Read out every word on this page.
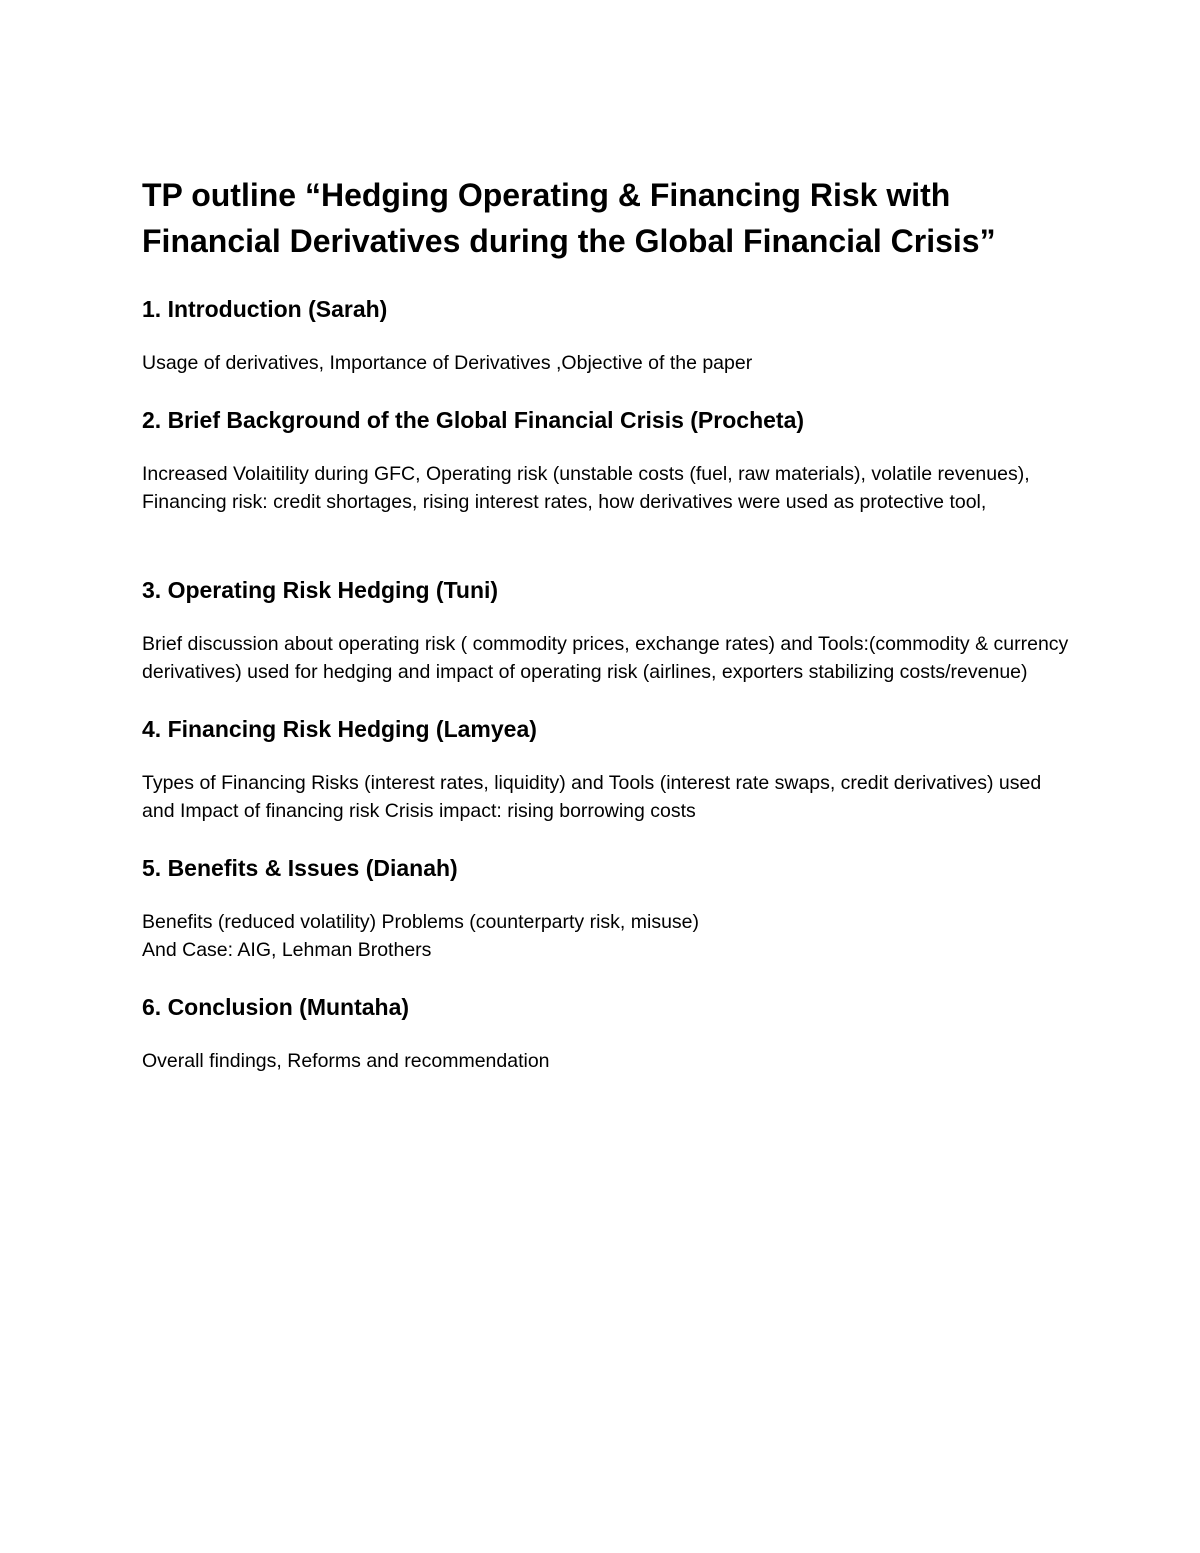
TP outline “Hedging Operating & Financing Risk with Financial Derivatives during the Global Financial Crisis”
1. Introduction (Sarah)

Usage of derivatives, Importance of Derivatives ,Objective of the paper

2. Brief Background of the Global Financial Crisis (Procheta)

Increased Volaitility during GFC, Operating risk (unstable costs (fuel, raw materials), volatile revenues), Financing risk: credit shortages, rising interest rates, how derivatives were used as protective tool,

3. Operating Risk Hedging (Tuni)

Brief discussion about operating risk ( commodity prices, exchange rates) and Tools:(commodity & currency derivatives) used for hedging and impact of operating risk (airlines, exporters stabilizing costs/revenue)

4. Financing Risk Hedging (Lamyea)

Types of Financing Risks (interest rates, liquidity) and Tools (interest rate swaps, credit derivatives) used and Impact of financing risk Crisis impact: rising borrowing costs

5. Benefits & Issues (Dianah)

Benefits (reduced volatility) Problems (counterparty risk, misuse)
And Case: AIG, Lehman Brothers

6. Conclusion (Muntaha)

Overall findings, Reforms and recommendation
